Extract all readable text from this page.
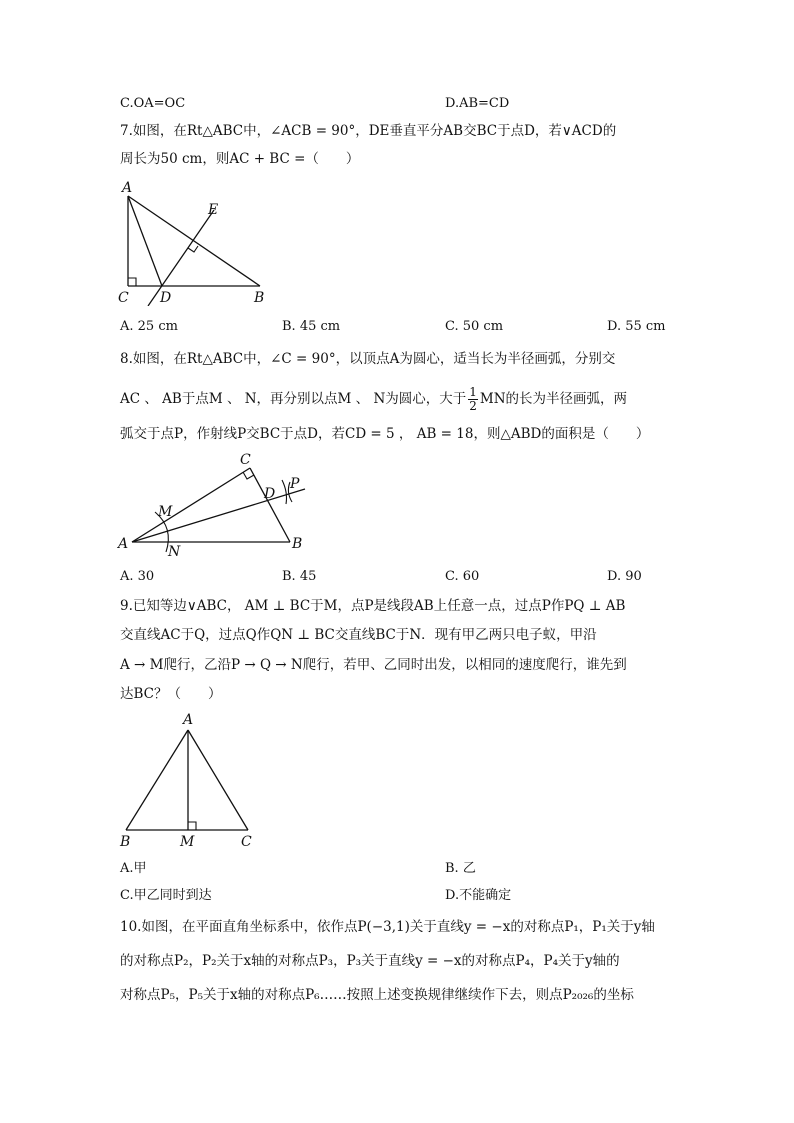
C.OA=OC	D.AB=CD
7.如图，在Rt△ABC中，∠ACB = 90°，DE垂直平分AB交BC于点D，若∨ACD的
周长为50 cm，则AC + BC =（　　）
A
C D	B
E
A. 25 cm	B. 45 cm	C. 50 cm	D. 55 cm
8.如图，在Rt△ABC中，∠C = 90°，以顶点A为圆心，适当长为半径画弧，分别交
AC 、 AB于点M 、 N，再分别以点M 、 N为圆心，大于 $\frac{1}{2}$ MN的长为半径画弧，两
弧交于点P，作射线P交BC于点D，若CD = 5 ， AB = 18，则△ABD的面积是（　　）
A	B
C
D
M
N
P
A. 30	B. 45	C. 60	D. 90
9.已知等边∨ABC， AM ⊥ BC于M，点P是线段AB上任意一点，过点P作PQ ⊥ AB
交直线AC于Q，过点Q作QN ⊥ BC交直线BC于N．现有甲乙两只电子蚁，甲沿
A → M爬行，乙沿P → Q → N爬行，若甲、乙同时出发，以相同的速度爬行，谁先到
达BC？（　　）
A
B	M	C
A.甲	B. 乙
C.甲乙同时到达	D.不能确定
10.如图，在平面直角坐标系中，依作点P(−3,1)关于直线y = −x的对称点P₁，P₁关于y轴
的对称点P₂，P₂关于x轴的对称点P₃，P₃关于直线y = −x的对称点P₄，P₄关于y轴的
对称点P₅，P₅关于x轴的对称点P₆……按照上述变换规律继续作下去，则点P₂₀₂₆的坐标
